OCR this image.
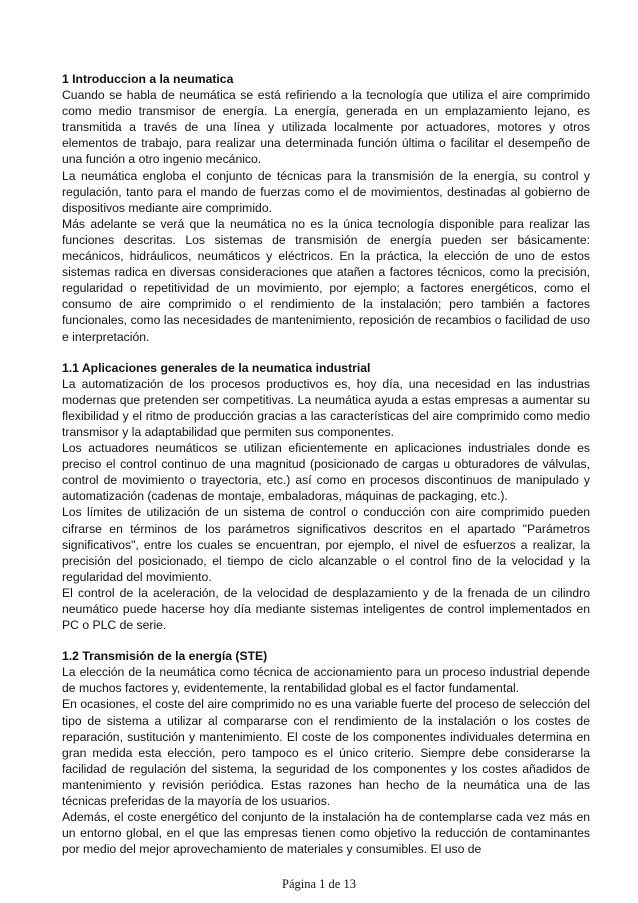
1 Introduccion a la neumatica

Cuando se habla de neumática se está refiriendo a la tecnología que utiliza el aire comprimido como medio transmisor de energía. La energía, generada en un emplazamiento lejano, es transmitida a través de una línea y utilizada localmente por actuadores, motores y otros elementos de trabajo, para realizar una determinada función última o facilitar el desempeño de una función a otro ingenio mecánico.

La neumática engloba el conjunto de técnicas para la transmisión de la energía, su control y regulación, tanto para el mando de fuerzas como el de movimientos, destinadas al gobierno de dispositivos mediante aire comprimido.

Más adelante se verá que la neumática no es la única tecnología disponible para realizar las funciones descritas. Los sistemas de transmisión de energía pueden ser básicamente: mecánicos, hidráulicos, neumáticos y eléctricos. En la práctica, la elección de uno de estos sistemas radica en diversas consideraciones que atañen a factores técnicos, como la precisión, regularidad o repetitividad de un movimiento, por ejemplo; a factores energéticos, como el consumo de aire comprimido o el rendimiento de la instalación; pero también a factores funcionales, como las necesidades de mantenimiento, reposición de recambios o facilidad de uso e interpretación.

1.1 Aplicaciones generales de la neumatica industrial

La automatización de los procesos productivos es, hoy día, una necesidad en las industrias modernas que pretenden ser competitivas. La neumática ayuda a estas empresas a aumentar su flexibilidad y el ritmo de producción gracias a las características del aire comprimido como medio transmisor y la adaptabilidad que permiten sus componentes.

Los actuadores neumáticos se utilizan eficientemente en aplicaciones industriales donde es preciso el control continuo de una magnitud (posicionado de cargas u obturadores de válvulas, control de movimiento o trayectoria, etc.) así como en procesos discontinuos de manipulado y automatización (cadenas de montaje, embaladoras, máquinas de packaging, etc.).

Los límites de utilización de un sistema de control o conducción con aire comprimido pueden cifrarse en términos de los parámetros significativos descritos en el apartado "Parámetros significativos", entre los cuales se encuentran, por ejemplo, el nivel de esfuerzos a realizar, la precisión del posicionado, el tiempo de ciclo alcanzable o el control fino de la velocidad y la regularidad del movimiento.

El control de la aceleración, de la velocidad de desplazamiento y de la frenada de un cilindro neumático puede hacerse hoy día mediante sistemas inteligentes de control implementados en PC o PLC de serie.

1.2 Transmisión de la energía (STE)

La elección de la neumática como técnica de accionamiento para un proceso industrial depende de muchos factores y, evidentemente, la rentabilidad global es el factor fundamental.

En ocasiones, el coste del aire comprimido no es una variable fuerte del proceso de selección del tipo de sistema a utilizar al compararse con el rendimiento de la instalación o los costes de reparación, sustitución y mantenimiento. El coste de los componentes individuales determina en gran medida esta elección, pero tampoco es el único criterio. Siempre debe considerarse la facilidad de regulación del sistema, la seguridad de los componentes y los costes añadidos de mantenimiento y revisión periódica. Estas razones han hecho de la neumática una de las técnicas preferidas de la mayoría de los usuarios.

Además, el coste energético del conjunto de la instalación ha de contemplarse cada vez más en un entorno global, en el que las empresas tienen como objetivo la reducción de contaminantes por medio del mejor aprovechamiento de materiales y consumibles. El uso de

Página 1 de 13
